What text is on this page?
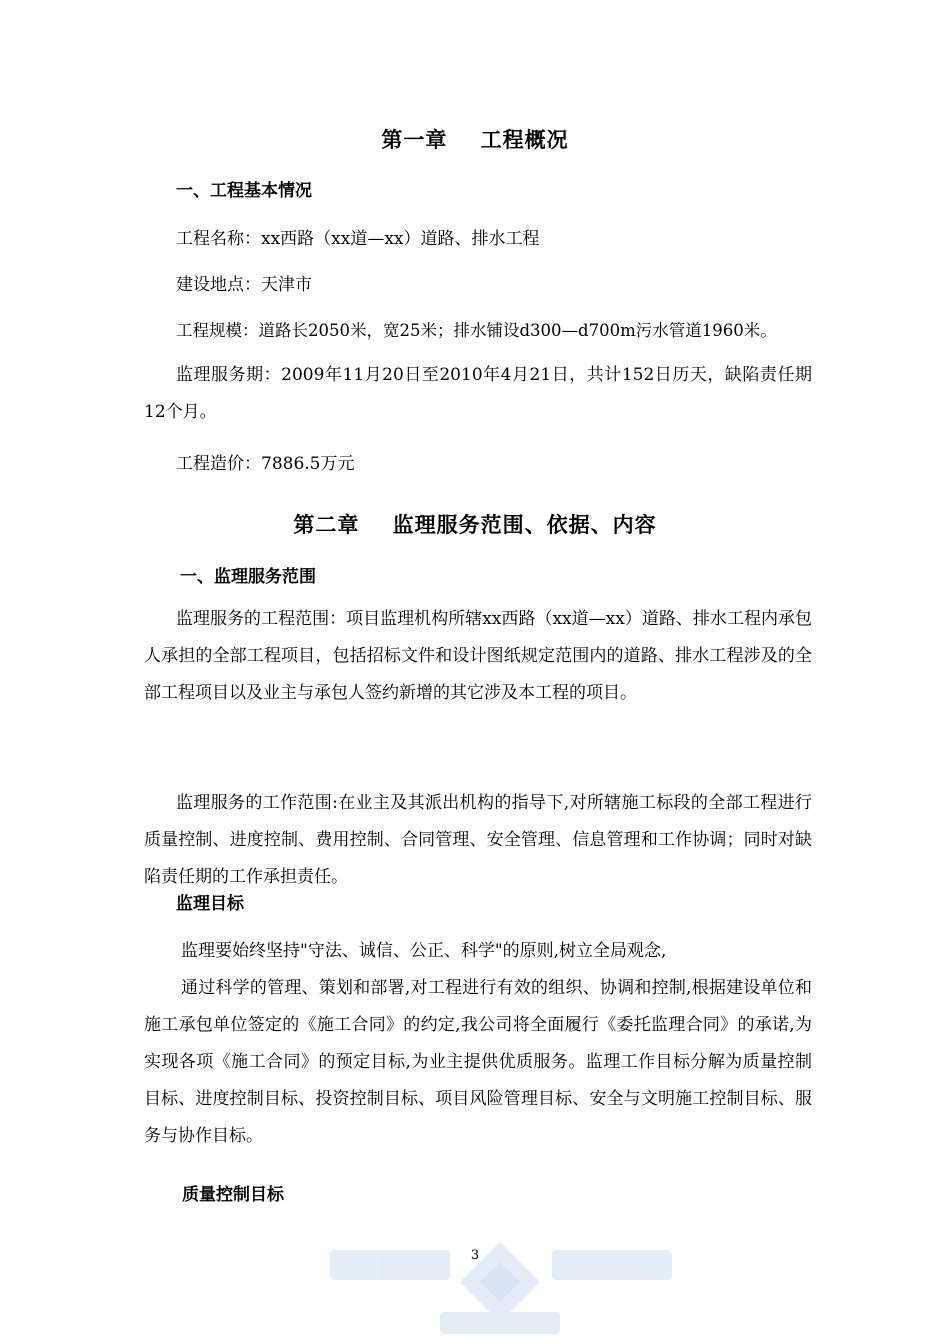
第一章    工程概况
一、工程基本情况
工程名称：xx西路（xx道—xx）道路、排水工程
建设地点：天津市
工程规模：道路长2050米，宽25米；排水铺设d300—d700m污水管道1960米。
监理服务期：2009年11月20日至2010年4月21日，共计152日历天，缺陷责任期12个月。
工程造价：7886.5万元
第二章    监理服务范围、依据、内容
一、监理服务范围
监理服务的工程范围：项目监理机构所辖xx西路（xx道—xx）道路、排水工程内承包人承担的全部工程项目，包括招标文件和设计图纸规定范围内的道路、排水工程涉及的全部工程项目以及业主与承包人签约新增的其它涉及本工程的项目。
监理服务的工作范围:在业主及其派出机构的指导下,对所辖施工标段的全部工程进行质量控制、进度控制、费用控制、合同管理、安全管理、信息管理和工作协调；同时对缺陷责任期的工作承担责任。
监理目标
监理要始终坚持"守法、诚信、公正、科学"的原则,树立全局观念,
通过科学的管理、策划和部署,对工程进行有效的组织、协调和控制,根据建设单位和施工承包单位签定的《施工合同》的约定,我公司将全面履行《委托监理合同》的承诺,为实现各项《施工合同》的预定目标,为业主提供优质服务。监理工作目标分解为质量控制目标、进度控制目标、投资控制目标、项目风险管理目标、安全与文明施工控制目标、服务与协作目标。
质量控制目标
3
